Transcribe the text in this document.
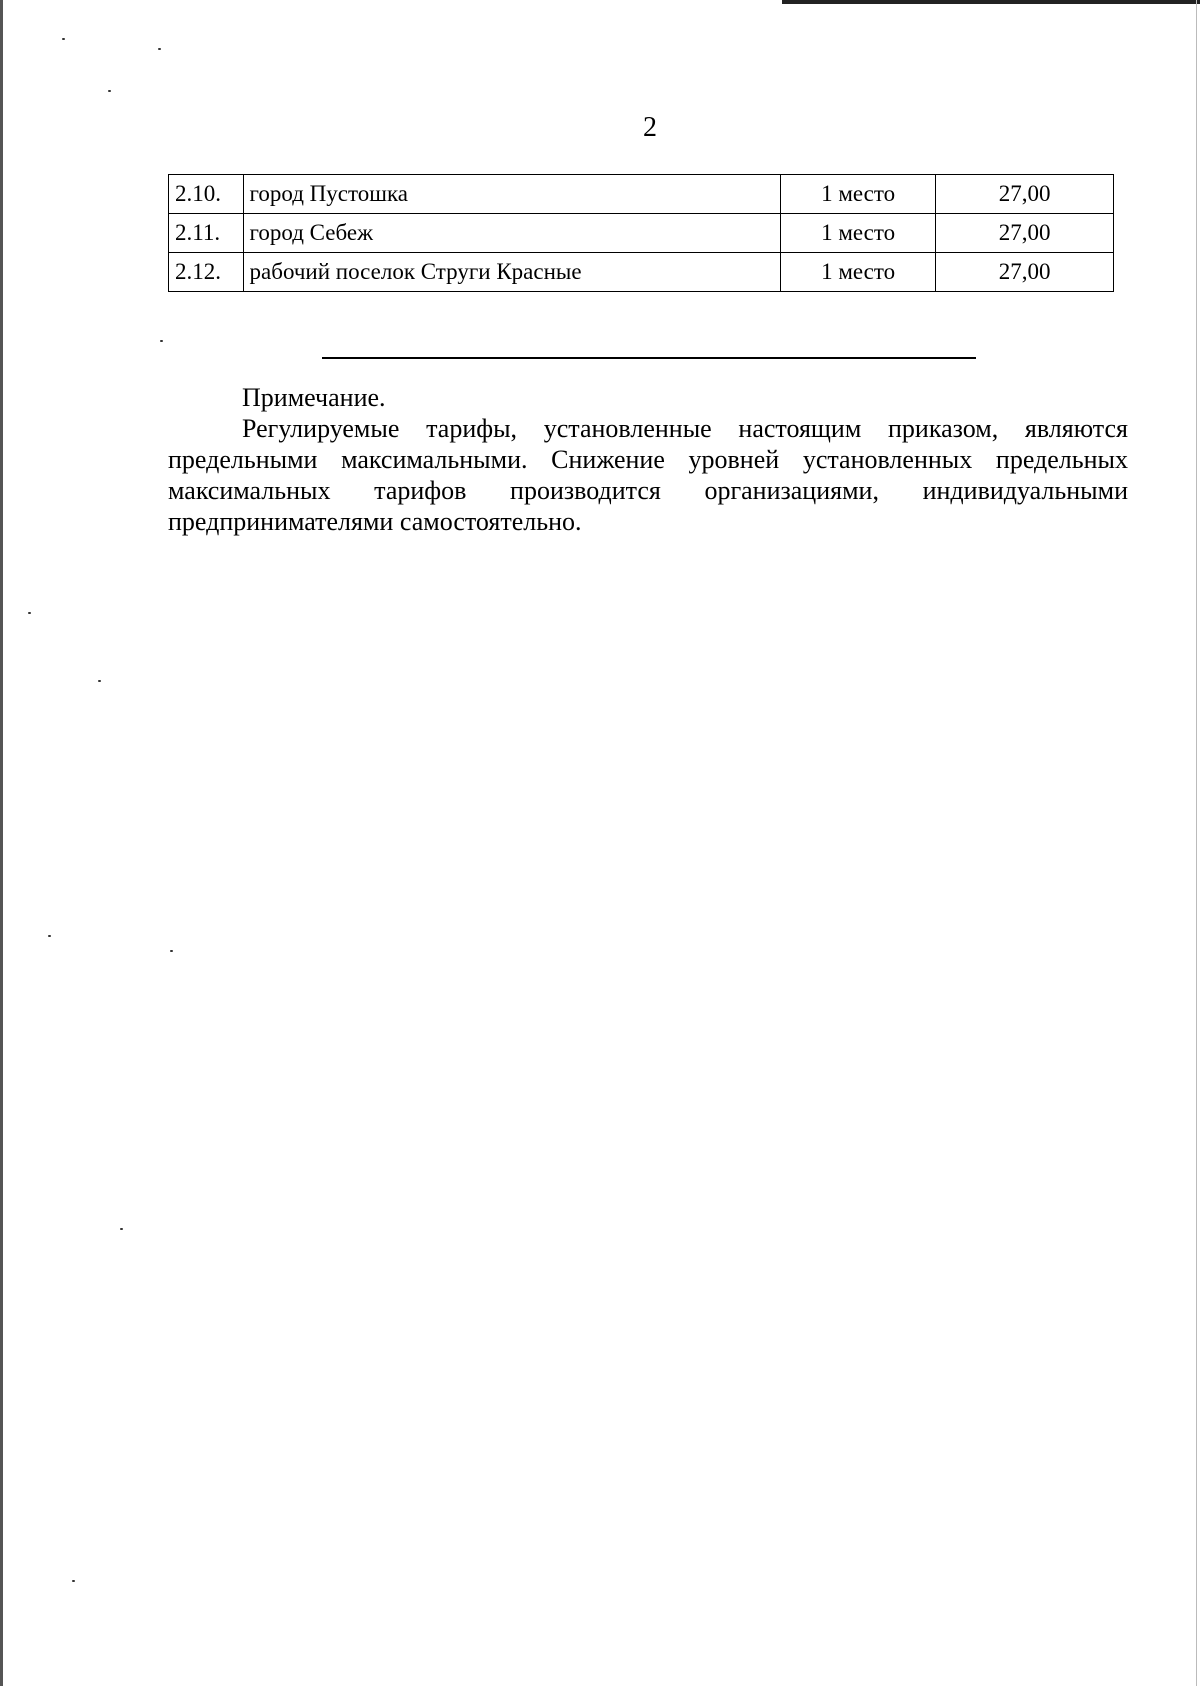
2
2.10.	город Пустошка	1 место	27,00
2.11.	город Себеж	1 место	27,00
2.12.	рабочий поселок Струги Красные	1 место	27,00

Примечание.

Регулируемые тарифы, установленные настоящим приказом, являются предельными максимальными. Снижение уровней установленных предельных максимальных тарифов производится организациями, индивидуальными предпринимателями самостоятельно.
